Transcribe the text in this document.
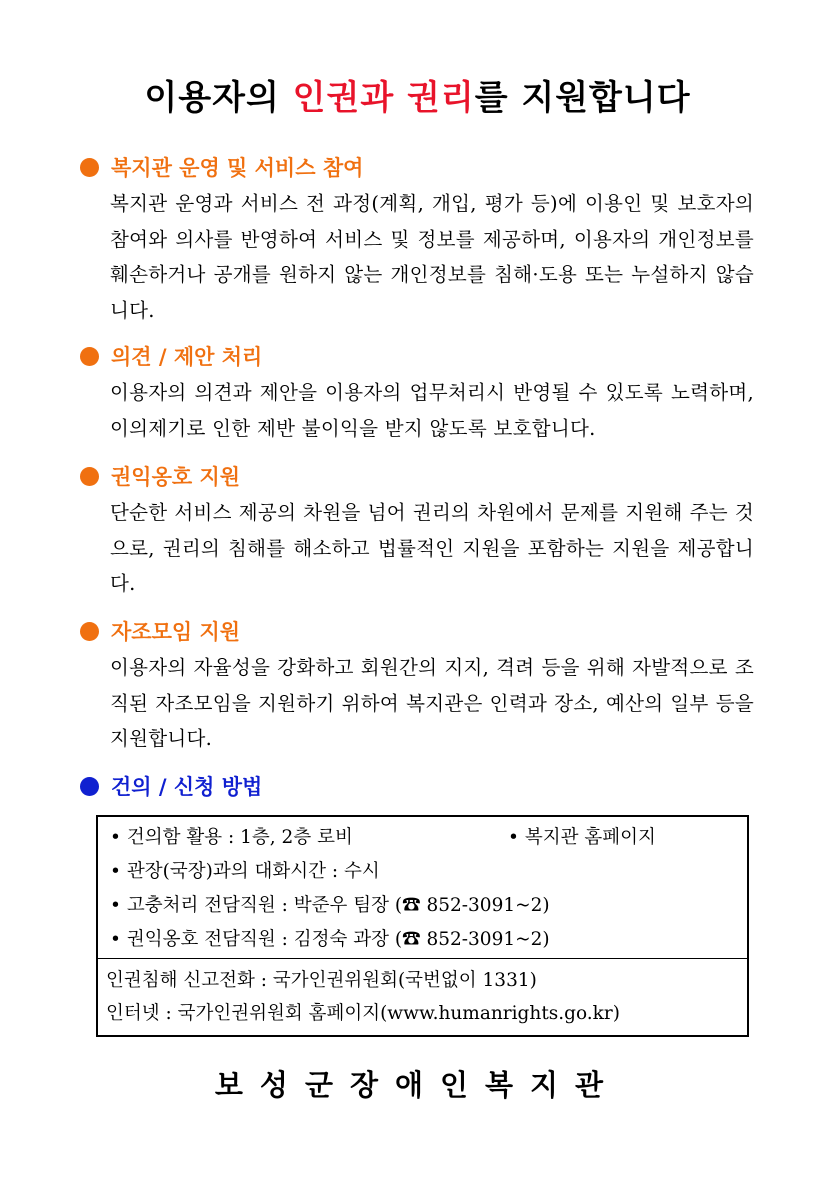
이용자의 인권과 권리를 지원합니다
복지관 운영 및 서비스 참여
복지관 운영과 서비스 전 과정(계획, 개입, 평가 등)에 이용인 및 보호자의 참여와 의사를 반영하여 서비스 및 정보를 제공하며, 이용자의 개인정보를 훼손하거나 공개를 원하지 않는 개인정보를 침해·도용 또는 누설하지 않습니다.
의견 / 제안 처리
이용자의 의견과 제안을 이용자의 업무처리시 반영될 수 있도록 노력하며, 이의제기로 인한 제반 불이익을 받지 않도록 보호합니다.
권익옹호 지원
단순한 서비스 제공의 차원을 넘어 권리의 차원에서 문제를 지원해 주는 것으로, 권리의 침해를 해소하고 법률적인 지원을 포함하는 지원을 제공합니다.
자조모임 지원
이용자의 자율성을 강화하고 회원간의 지지, 격려 등을 위해 자발적으로 조직된 자조모임을 지원하기 위하여 복지관은 인력과 장소, 예산의 일부 등을 지원합니다.
건의 / 신청 방법
• 건의함 활용 : 1층, 2층 로비	• 복지관 홈페이지
• 관장(국장)과의 대화시간 : 수시
• 고충처리 전담직원 : 박준우 팀장 (☎ 852-3091~2)
• 권익옹호 전담직원 : 김정숙 과장 (☎ 852-3091~2)
인권침해 신고전화 : 국가인권위원회(국번없이 1331)
인터넷 : 국가인권위원회 홈페이지(www.humanrights.go.kr)
보성군장애인복지관
